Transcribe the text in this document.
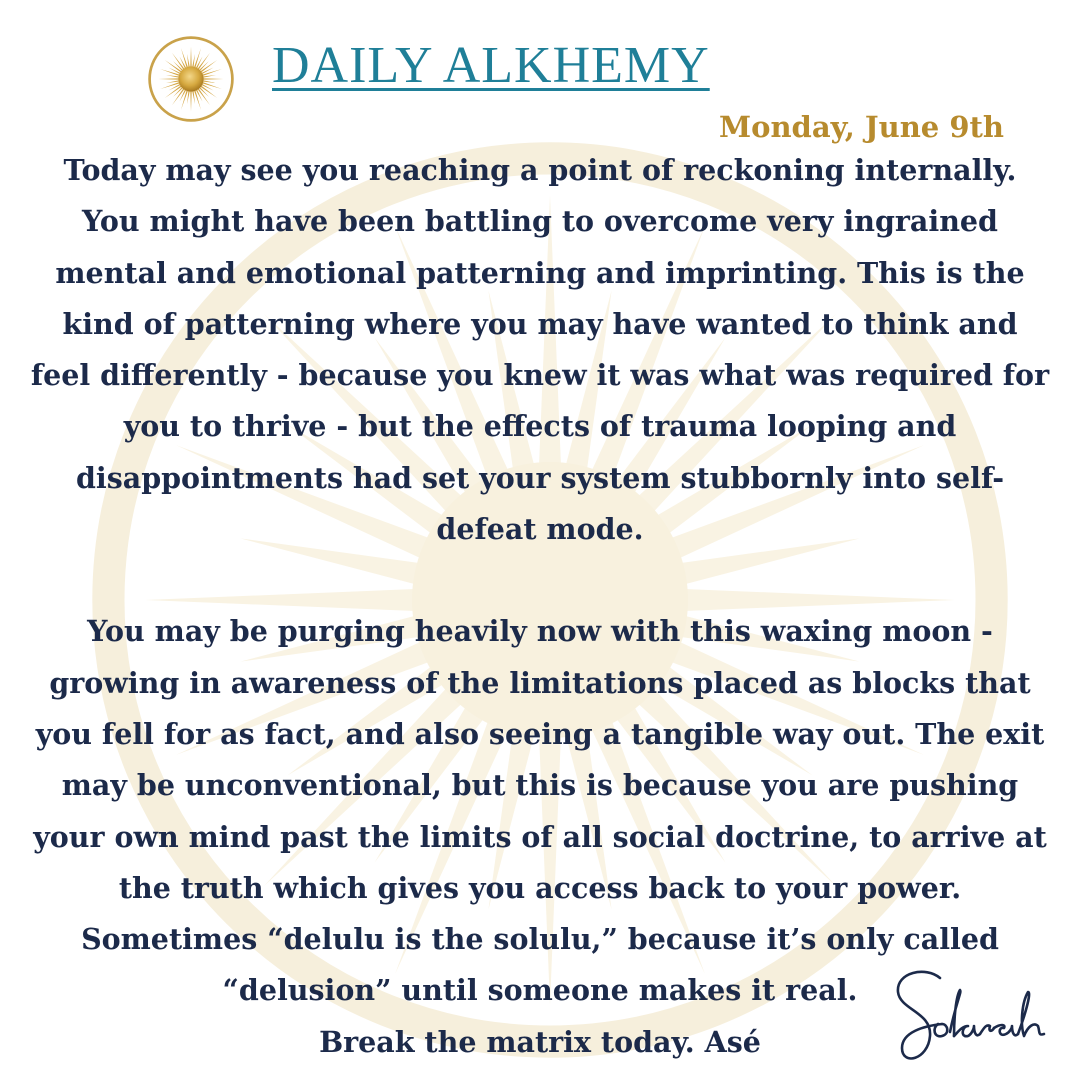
DAILY ALKHEMY
Monday, June 9th

Today may see you reaching a point of reckoning internally. You might have been battling to overcome very ingrained mental and emotional patterning and imprinting. This is the kind of patterning where you may have wanted to think and feel differently - because you knew it was what was required for you to thrive - but the effects of trauma looping and disappointments had set your system stubbornly into self-defeat mode.

You may be purging heavily now with this waxing moon - growing in awareness of the limitations placed as blocks that you fell for as fact, and also seeing a tangible way out. The exit may be unconventional, but this is because you are pushing your own mind past the limits of all social doctrine, to arrive at the truth which gives you access back to your power. Sometimes “delulu is the solulu,” because it’s only called “delusion” until someone makes it real.

Break the matrix today. Asé
